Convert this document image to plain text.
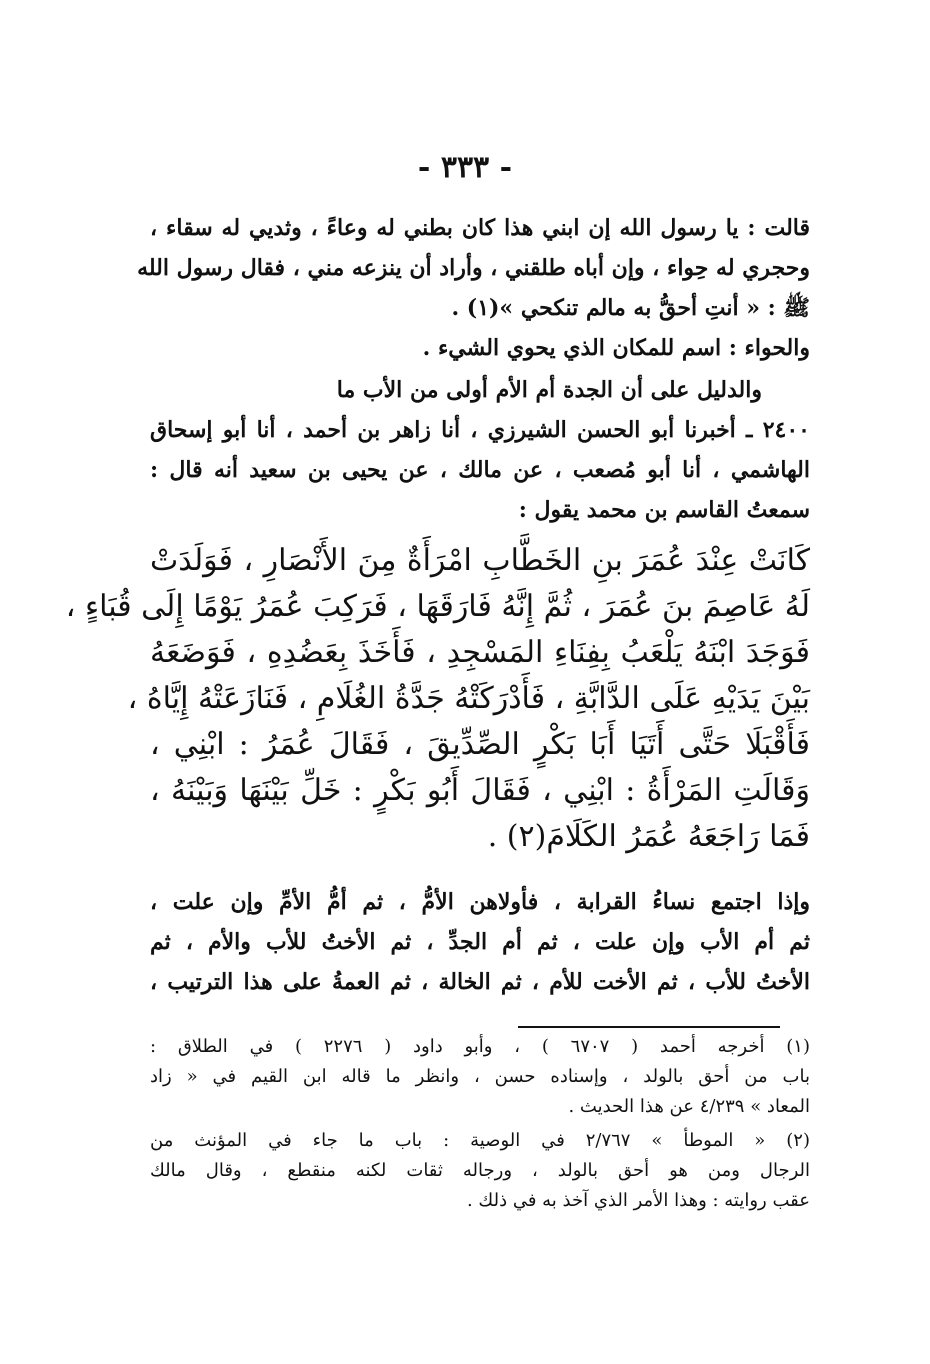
- ٣٣٣ -
قالت : يا رسول الله إن ابني هذا كان بطني له وعاءً ، وثديي له سقاء ،
وحجري له حِواء ، وإن أباه طلقني ، وأراد أن ينزعه مني ، فقال رسول الله
ﷺ : « أنتِ أحقُّ به مالم تنكحي »(١) .
والحواء : اسم للمكان الذي يحوي الشيء .
والدليل على أن الجدة أم الأم أولى من الأب ما
٢٤٠٠ ـ أخبرنا أبو الحسن الشيرزي ، أنا زاهر بن أحمد ، أنا أبو إسحاق
الهاشمي ، أنا أبو مُصعب ، عن مالك ، عن يحيى بن سعيد أنه قال :
سمعتُ القاسم بن محمد يقول :
كَانَتْ عِنْدَ عُمَرَ بنِ الخَطَّابِ امْرَأَةٌ مِنَ الأَنْصَارِ ، فَوَلَدَتْ
لَهُ عَاصِمَ بنَ عُمَرَ ، ثُمَّ إِنَّهُ فَارَقَهَا ، فَرَكِبَ عُمَرُ يَوْمًا إِلَى قُبَاءٍ ،
فَوَجَدَ ابْنَهُ يَلْعَبُ بِفِنَاءِ المَسْجِدِ ، فَأَخَذَ بِعَضُدِهِ ، فَوَضَعَهُ
بَيْنَ يَدَيْهِ عَلَى الدَّابَّةِ ، فَأَدْرَكَتْهُ جَدَّةُ الغُلَامِ ، فَنَازَعَتْهُ إِيَّاهُ ،
فَأَقْبَلَا حَتَّى أَتَيَا أَبَا بَكْرٍ الصِّدِّيقَ ، فَقَالَ عُمَرُ : ابْنِي ،
وَقَالَتِ المَرْأَةُ : ابْنِي ، فَقَالَ أَبُو بَكْرٍ : خَلِّ بَيْنَهَا وَبَيْنَهُ ،
فَمَا رَاجَعَهُ عُمَرُ الكَلَامَ(٢) .
وإذا اجتمع نساءُ القرابة ، فأولاهن الأمُّ ، ثم أمُّ الأمِّ وإن علت ،
ثم أم الأب وإن علت ، ثم أم الجدِّ ، ثم الأختُ للأب والأم ، ثم
الأختُ للأب ، ثم الأخت للأم ، ثم الخالة ، ثم العمةُ على هذا الترتيب ،
(١) أخرجه أحمد ( ٦٧٠٧ ) ، وأبو داود ( ٢٢٧٦ ) في الطلاق :
باب من أحق بالولد ، وإسناده حسن ، وانظر ما قاله ابن القيم في « زاد
المعاد » ٤/٢٣٩ عن هذا الحديث .
(٢) « الموطأ » ٢/٧٦٧ في الوصية : باب ما جاء في المؤنث من
الرجال ومن هو أحق بالولد ، ورجاله ثقات لكنه منقطع ، وقال مالك
عقب روايته : وهذا الأمر الذي آخذ به في ذلك .
